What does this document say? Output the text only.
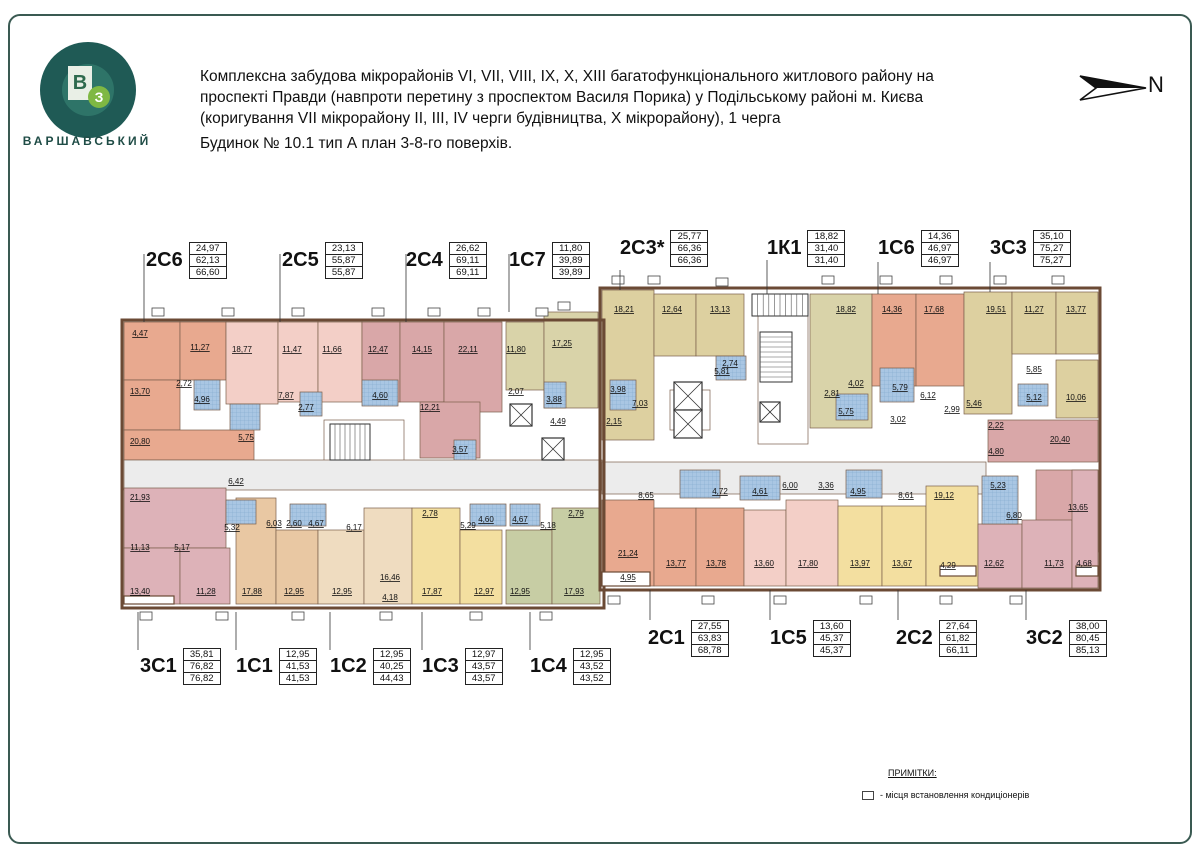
В
З
ВАРШАВСЬКИЙ
Комплексна забудова мікрорайонів VI, VII, VIII, IX, X, XIII багатофункціонального житлового району на
проспекті Правди (навпроти перетину з проспектом Василя Порика) у Подільському районі м. Києва
(коригування VII мікрорайону II, III, IV черги будівництва, X мікрорайону), 1 черга
Будинок № 10.1 тип А план 3-8-го поверхів.
N
4,47
11,27
13,70
2,72
4,96
20,80	5,75
18,77	11,47	11,66
7,87
2,77
4,60
12,47	14,15	22,11
12,21
3,57
11,80
17,25
2,07
3,88
4,49
21,93
6,42
5,32
11,13	5,17
13,40	11,28
6,03 2,60 4,67	6,17
17,88	12,95	12,95
16,46
4,18
2,78
5,29
4,60 4,67
5,18
2,79
17,87	12,97 12,95	17,93
18,21	12,64	13,13
5,81
2,74
3,98
7,03
2,15
18,82
2,81
4,02
5,75
14,36	17,68
5,79
6,12
3,02
2,99
5,46
19,51 11,27	13,77
5,85
5,12	10,06
2,22
20,40
4,80
8,65	4,72	4,61
6,00	3,36
4,95	8,61	19,12
5,23
6,80
13,65
21,24
4,95
13,77 13,78	13,60	17,80	13,97	13,67	4,29	12,62	11,73 4,68
2С6
24,97
62,13
66,60
2С5
23,13
55,87
55,87
2С4
26,62
69,11
69,11
1С7
11,80
39,89
39,89
2С3*
25,77
66,36
66,36
1К1
18,82
31,40
31,40
1С6
14,36
46,97
46,97
3С3
35,10
75,27
75,27
3С1
35,81
76,82
76,82
1С1
12,95
41,53
41,53
1С2
12,95
40,25
44,43
1С3
12,97
43,57
43,57
1С4
12,95
43,52
43,52
2С1
27,55
63,83
68,78
1С5
13,60
45,37
45,37
2С2
27,64
61,82
66,11
3С2
38,00
80,45
85,13
ПРИМІТКИ:
- місця встановлення кондиціонерів
